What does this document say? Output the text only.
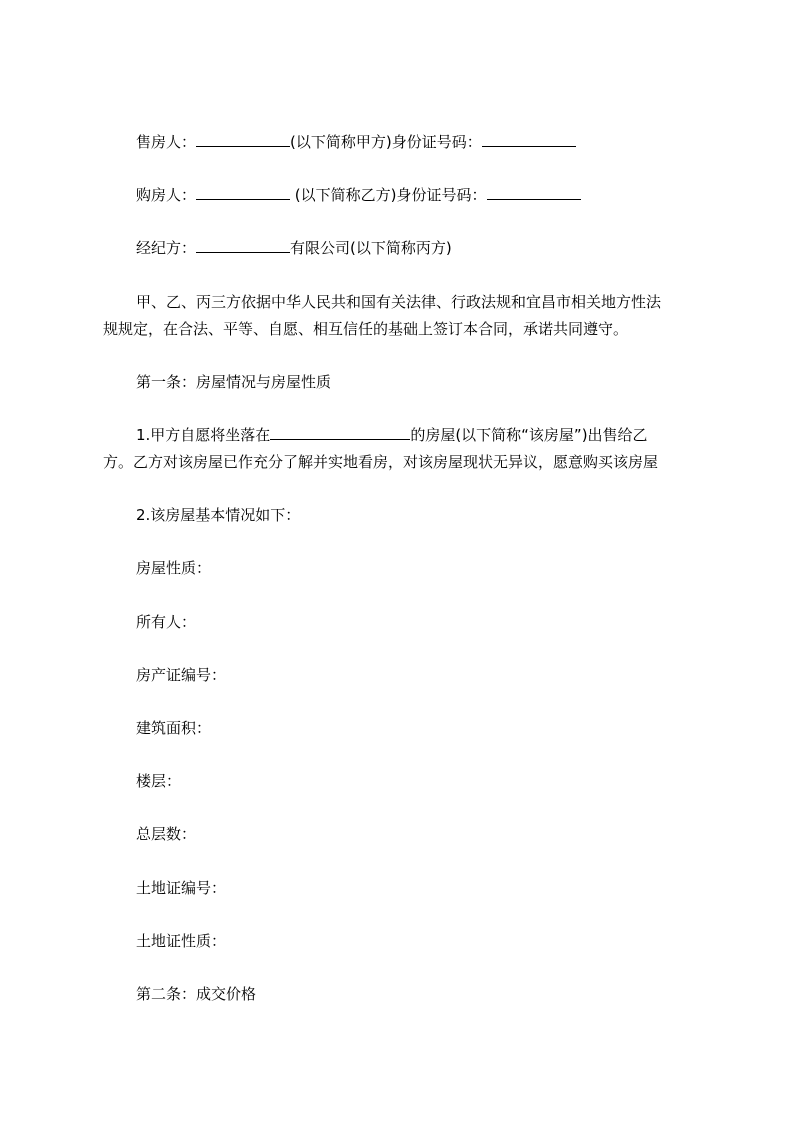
售房人：	(以下简称甲方)身份证号码：
购房人：	(以下简称乙方)身份证号码：
经纪方：	有限公司(以下简称丙方)
甲、乙、丙三方依据中华人民共和国有关法律、行政法规和宜昌市相关地方性法
规规定，在合法、平等、自愿、相互信任的基础上签订本合同，承诺共同遵守。
第一条：房屋情况与房屋性质
1.甲方自愿将坐落在	的房屋(以下简称“该房屋”)出售给乙
方。乙方对该房屋已作充分了解并实地看房，对该房屋现状无异议，愿意购买该房屋
2.该房屋基本情况如下：
房屋性质：
所有人：
房产证编号：
建筑面积：
楼层：
总层数：
土地证编号：
土地证性质：
第二条：成交价格
